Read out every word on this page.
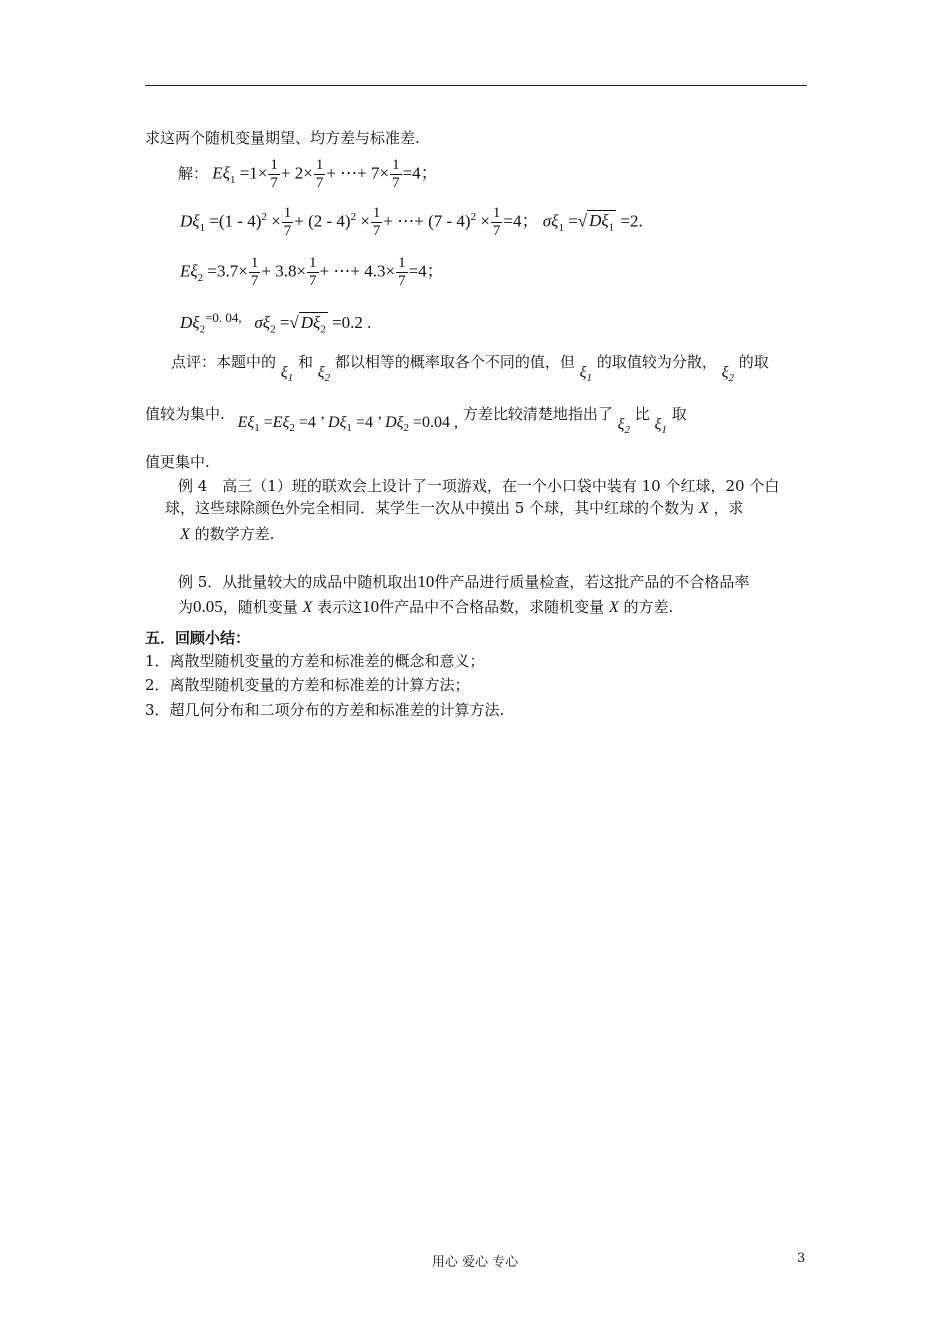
求这两个随机变量期望、均方差与标准差.
解： $E\xi_1 =1\times \frac{1}{7} + 2\times \frac{1}{7}$ + ⋯+ $7\times \frac{1}{7} =4$；
$D\xi_1 =(1 - 4)^2 \times \frac{1}{7} + (2 - 4)^2 \times \frac{1}{7}$ + ⋯+ $(7 - 4)^2 \times \frac{1}{7} =4$； $\sigma\xi_1$ =√ $D\xi_1 =2$.
$E\xi_2 =3.7\times \frac{1}{7} + 3.8\times \frac{1}{7}$ + ⋯+ $4.3\times \frac{1}{7} =4$；
$D\xi_2^{=0. 04,}$ $\sigma\xi_2$ =√ $D\xi_2 =0.2$ .
点评：本题中的 $\xi_1$ 和 $\xi_2$ 都以相等的概率取各个不同的值，但 $\xi_1$ 的取值较为分散， $\xi_2$ 的取
值较为集中. $E\xi_1 =E\xi_2 =4$ ’ $D\xi_1 =4$ ’ $D\xi_2 =0.04$ , 方差比较清楚地指出了 $\xi_2$ 比 $\xi_1$ 取
值更集中.
例 4　高三（1）班的联欢会上设计了一项游戏，在一个小口袋中装有 10 个红球，20 个白
球，这些球除颜色外完全相同．某学生一次从中摸出 5 个球，其中红球的个数为 X ，求
X 的数学方差.
例 5．从批量较大的成品中随机取出10件产品进行质量检查，若这批产品的不合格品率
为0.05，随机变量 X 表示这10件产品中不合格品数，求随机变量 X 的方差.
五．回顾小结：
1．离散型随机变量的方差和标准差的概念和意义；
2．离散型随机变量的方差和标准差的计算方法；
3．超几何分布和二项分布的方差和标准差的计算方法.
用心 爱心 专心	3
